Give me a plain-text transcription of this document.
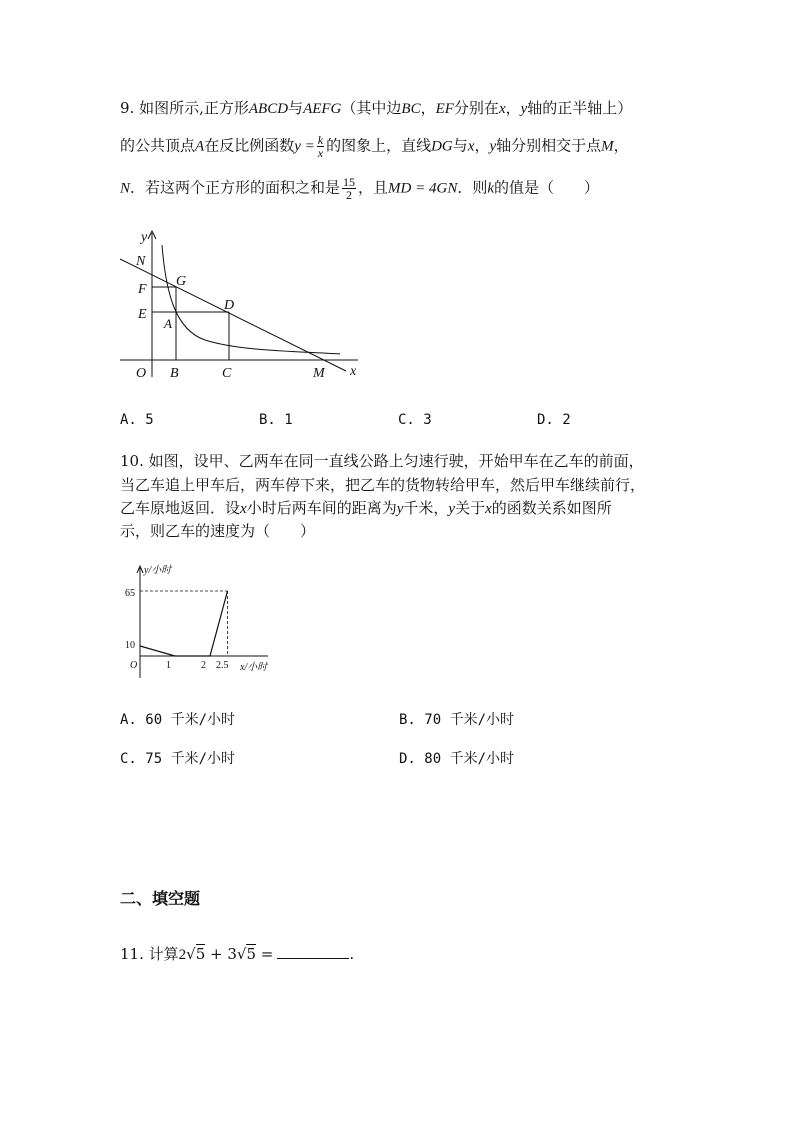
9. 如图所示,正方形ABCD与AEFG（其中边BC，EF分别在x，y轴的正半轴上）
的公共顶点A在反比例函数$y = \frac{k}{x}$ 的图象上，直线DG与x，y轴分别相交于点M，
N．若这两个正方形的面积之和是 $\frac{15}{2}$ ，且MD = 4GN．则k的值是（　　）
y
x
N
F
G
D
E
A
O B	C	M
A. 5	B. 1	C. 3	D. 2
10. 如图，设甲、乙两车在同一直线公路上匀速行驶，开始甲车在乙车的前面，
当乙车追上甲车后，两车停下来，把乙车的货物转给甲车，然后甲车继续前行，
乙车原地返回．设x小时后两车间的距离为y千米，y关于x的函数关系如图所
示，则乙车的速度为（　　）
y/小时
x/小时
O
65
10
1	2 2.5
A. 60 千米/小时	B. 70 千米/小时
C. 75 千米/小时	D. 80 千米/小时
二、填空题
11. 计算2√5 + 3√5 =	.
